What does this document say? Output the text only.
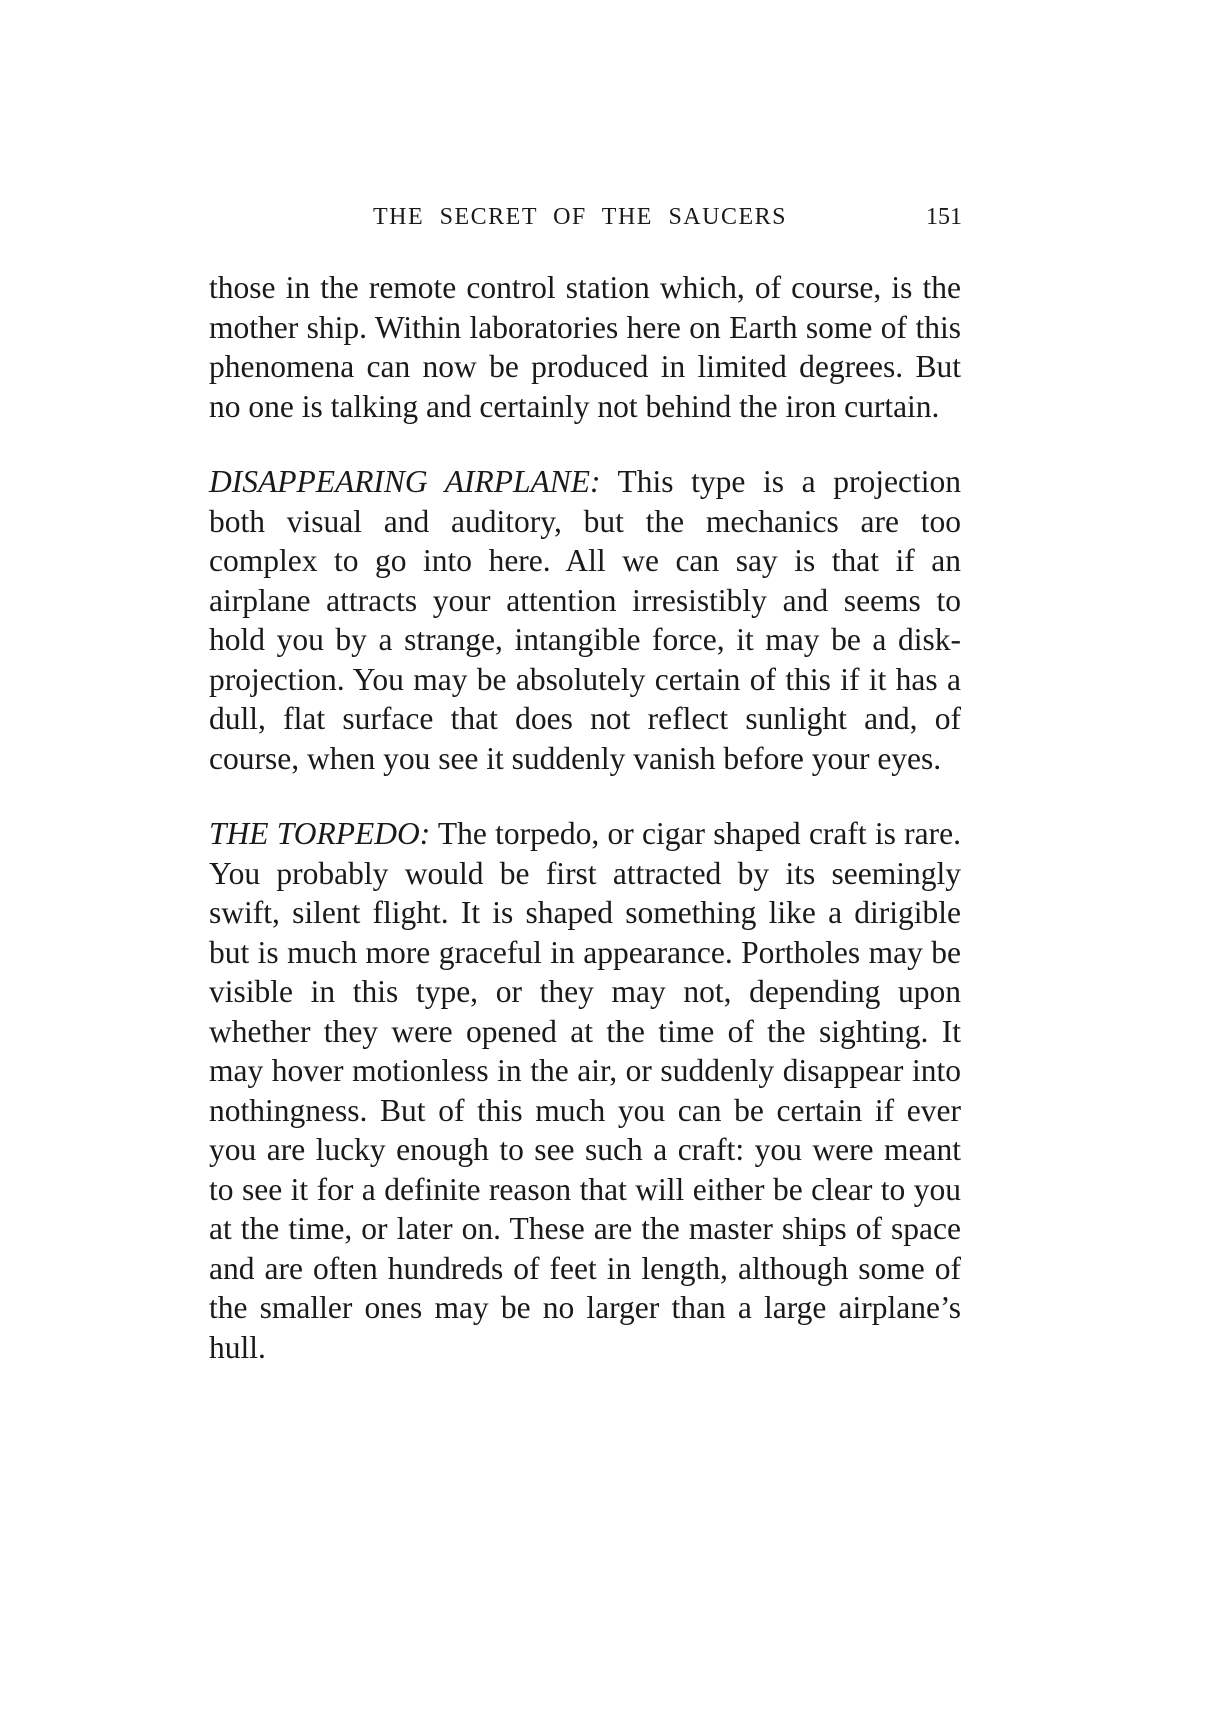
THE SECRET OF THE SAUCERS	151

those in the remote control station which, of course, is the mother ship. Within laboratories here on Earth some of this phenomena can now be produced in limited degrees. But no one is talking and certainly not behind the iron curtain.

DISAPPEARING AIRPLANE: This type is a projection both visual and auditory, but the mechanics are too complex to go into here. All we can say is that if an airplane attracts your attention irresistibly and seems to hold you by a strange, intangible force, it may be a disk-projection. You may be absolutely certain of this if it has a dull, flat surface that does not reflect sunlight and, of course, when you see it suddenly vanish before your eyes.

THE TORPEDO: The torpedo, or cigar shaped craft is rare. You probably would be first attracted by its seemingly swift, silent flight. It is shaped something like a dirigible but is much more graceful in appearance. Portholes may be visible in this type, or they may not, depending upon whether they were opened at the time of the sighting. It may hover motionless in the air, or suddenly disappear into nothingness. But of this much you can be certain if ever you are lucky enough to see such a craft: you were meant to see it for a definite reason that will either be clear to you at the time, or later on. These are the master ships of space and are often hundreds of feet in length, although some of the smaller ones may be no larger than a large airplane’s hull.
